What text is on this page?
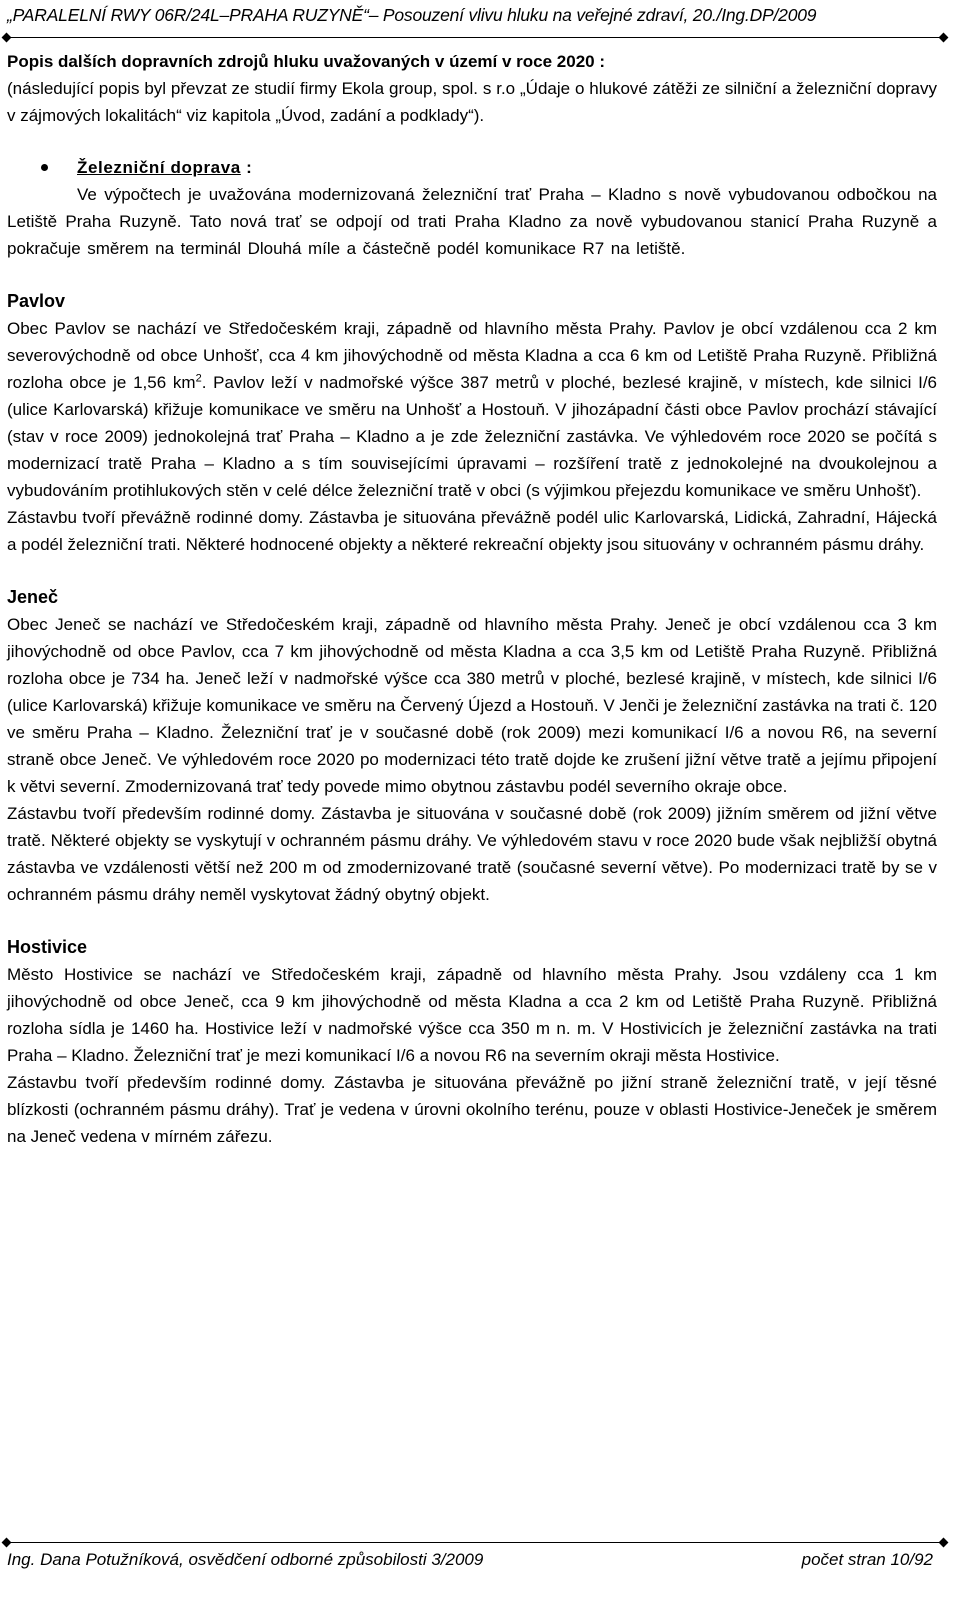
„PARALELNÍ RWY 06R/24L–PRAHA RUZYNĚ“– Posouzení vlivu hluku na veřejné zdraví, 20./Ing.DP/2009
Popis dalších dopravních zdrojů hluku uvažovaných v území v roce 2020 :

(následující popis byl převzat ze studií firmy Ekola group, spol. s r.o „Údaje o hlukové zátěži ze silniční a železniční dopravy v zájmových lokalitách“ viz kapitola „Úvod, zadání a podklady“).

Železniční doprava :

Ve výpočtech je uvažována modernizovaná železniční trať Praha – Kladno s nově vybudovanou odbočkou na Letiště Praha Ruzyně. Tato nová trať se odpojí od trati Praha Kladno za nově vybudovanou stanicí Praha Ruzyně a pokračuje směrem na terminál Dlouhá míle a částečně podél komunikace R7 na letiště.

Pavlov

Obec Pavlov se nachází ve Středočeském kraji, západně od hlavního města Prahy. Pavlov je obcí vzdálenou cca 2 km severovýchodně od obce Unhošť, cca 4 km jihovýchodně od města Kladna a cca 6 km od Letiště Praha Ruzyně. Přibližná rozloha obce je 1,56 $km^2$. Pavlov leží v nadmořské výšce 387 metrů v ploché, bezlesé krajině, v místech, kde silnici I/6 (ulice Karlovarská) křižuje komunikace ve směru na Unhošť a Hostouň. V jihozápadní části obce Pavlov prochází stávající (stav v roce 2009) jednokolejná trať Praha – Kladno a je zde železniční zastávka. Ve výhledovém roce 2020 se počítá s modernizací tratě Praha – Kladno a s tím souvisejícími úpravami – rozšíření tratě z jednokolejné na dvoukolejnou a vybudováním protihlukových stěn v celé délce železniční tratě v obci (s výjimkou přejezdu komunikace ve směru Unhošť).

Zástavbu tvoří převážně rodinné domy. Zástavba je situována převážně podél ulic Karlovarská, Lidická, Zahradní, Hájecká a podél železniční trati. Některé hodnocené objekty a některé rekreační objekty jsou situovány v ochranném pásmu dráhy.

Jeneč

Obec Jeneč se nachází ve Středočeském kraji, západně od hlavního města Prahy. Jeneč je obcí vzdálenou cca 3 km jihovýchodně od obce Pavlov, cca 7 km jihovýchodně od města Kladna a cca 3,5 km od Letiště Praha Ruzyně. Přibližná rozloha obce je 734 ha. Jeneč leží v nadmořské výšce cca 380 metrů v ploché, bezlesé krajině, v místech, kde silnici I/6 (ulice Karlovarská) křižuje komunikace ve směru na Červený Újezd a Hostouň. V Jenči je železniční zastávka na trati č. 120 ve směru Praha – Kladno. Železniční trať je v současné době (rok 2009) mezi komunikací I/6 a novou R6, na severní straně obce Jeneč. Ve výhledovém roce 2020 po modernizaci této tratě dojde ke zrušení jižní větve tratě a jejímu připojení k větvi severní. Zmodernizovaná trať tedy povede mimo obytnou zástavbu podél severního okraje obce.

Zástavbu tvoří především rodinné domy. Zástavba je situována v současné době (rok 2009) jižním směrem od jižní větve tratě. Některé objekty se vyskytují v ochranném pásmu dráhy. Ve výhledovém stavu v roce 2020 bude však nejbližší obytná zástavba ve vzdálenosti větší než 200 m od zmodernizované tratě (současné severní větve). Po modernizaci tratě by se v ochranném pásmu dráhy neměl vyskytovat žádný obytný objekt.

Hostivice

Město Hostivice se nachází ve Středočeském kraji, západně od hlavního města Prahy. Jsou vzdáleny cca 1 km jihovýchodně od obce Jeneč, cca 9 km jihovýchodně od města Kladna a cca 2 km od Letiště Praha Ruzyně. Přibližná rozloha sídla je 1460 ha. Hostivice leží v nadmořské výšce cca 350 m n. m. V Hostivicích je železniční zastávka na trati Praha – Kladno. Železniční trať je mezi komunikací I/6 a novou R6 na severním okraji města Hostivice.

Zástavbu tvoří především rodinné domy. Zástavba je situována převážně po jižní straně železniční tratě, v její těsné blízkosti (ochranném pásmu dráhy). Trať je vedena v úrovni okolního terénu, pouze v oblasti Hostivice-Jeneček je směrem na Jeneč vedena v mírném zářezu.

Ing. Dana Potužníková, osvědčení odborné způsobilosti 3/2009	počet stran 10/92
